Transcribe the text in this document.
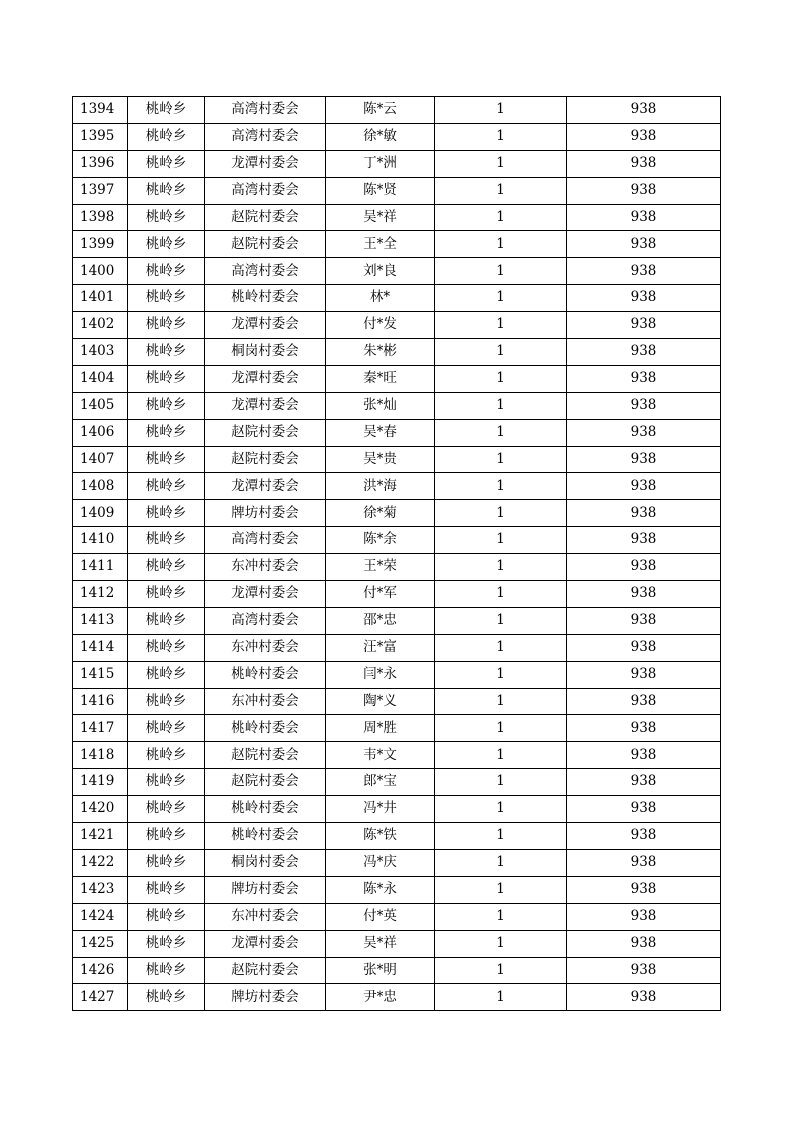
1394	桃岭乡	高湾村委会	陈*云	1	938
1395	桃岭乡	高湾村委会	徐*敏	1	938
1396	桃岭乡	龙潭村委会	丁*洲	1	938
1397	桃岭乡	高湾村委会	陈*贤	1	938
1398	桃岭乡	赵院村委会	吴*祥	1	938
1399	桃岭乡	赵院村委会	王*全	1	938
1400	桃岭乡	高湾村委会	刘*良	1	938
1401	桃岭乡	桃岭村委会	林*	1	938
1402	桃岭乡	龙潭村委会	付*发	1	938
1403	桃岭乡	桐岗村委会	朱*彬	1	938
1404	桃岭乡	龙潭村委会	秦*旺	1	938
1405	桃岭乡	龙潭村委会	张*灿	1	938
1406	桃岭乡	赵院村委会	吴*春	1	938
1407	桃岭乡	赵院村委会	吴*贵	1	938
1408	桃岭乡	龙潭村委会	洪*海	1	938
1409	桃岭乡	牌坊村委会	徐*菊	1	938
1410	桃岭乡	高湾村委会	陈*余	1	938
1411	桃岭乡	东冲村委会	王*荣	1	938
1412	桃岭乡	龙潭村委会	付*军	1	938
1413	桃岭乡	高湾村委会	邵*忠	1	938
1414	桃岭乡	东冲村委会	汪*富	1	938
1415	桃岭乡	桃岭村委会	闫*永	1	938
1416	桃岭乡	东冲村委会	陶*义	1	938
1417	桃岭乡	桃岭村委会	周*胜	1	938
1418	桃岭乡	赵院村委会	韦*文	1	938
1419	桃岭乡	赵院村委会	郎*宝	1	938
1420	桃岭乡	桃岭村委会	冯*井	1	938
1421	桃岭乡	桃岭村委会	陈*铁	1	938
1422	桃岭乡	桐岗村委会	冯*庆	1	938
1423	桃岭乡	牌坊村委会	陈*永	1	938
1424	桃岭乡	东冲村委会	付*英	1	938
1425	桃岭乡	龙潭村委会	吴*祥	1	938
1426	桃岭乡	赵院村委会	张*明	1	938
1427	桃岭乡	牌坊村委会	尹*忠	1	938
